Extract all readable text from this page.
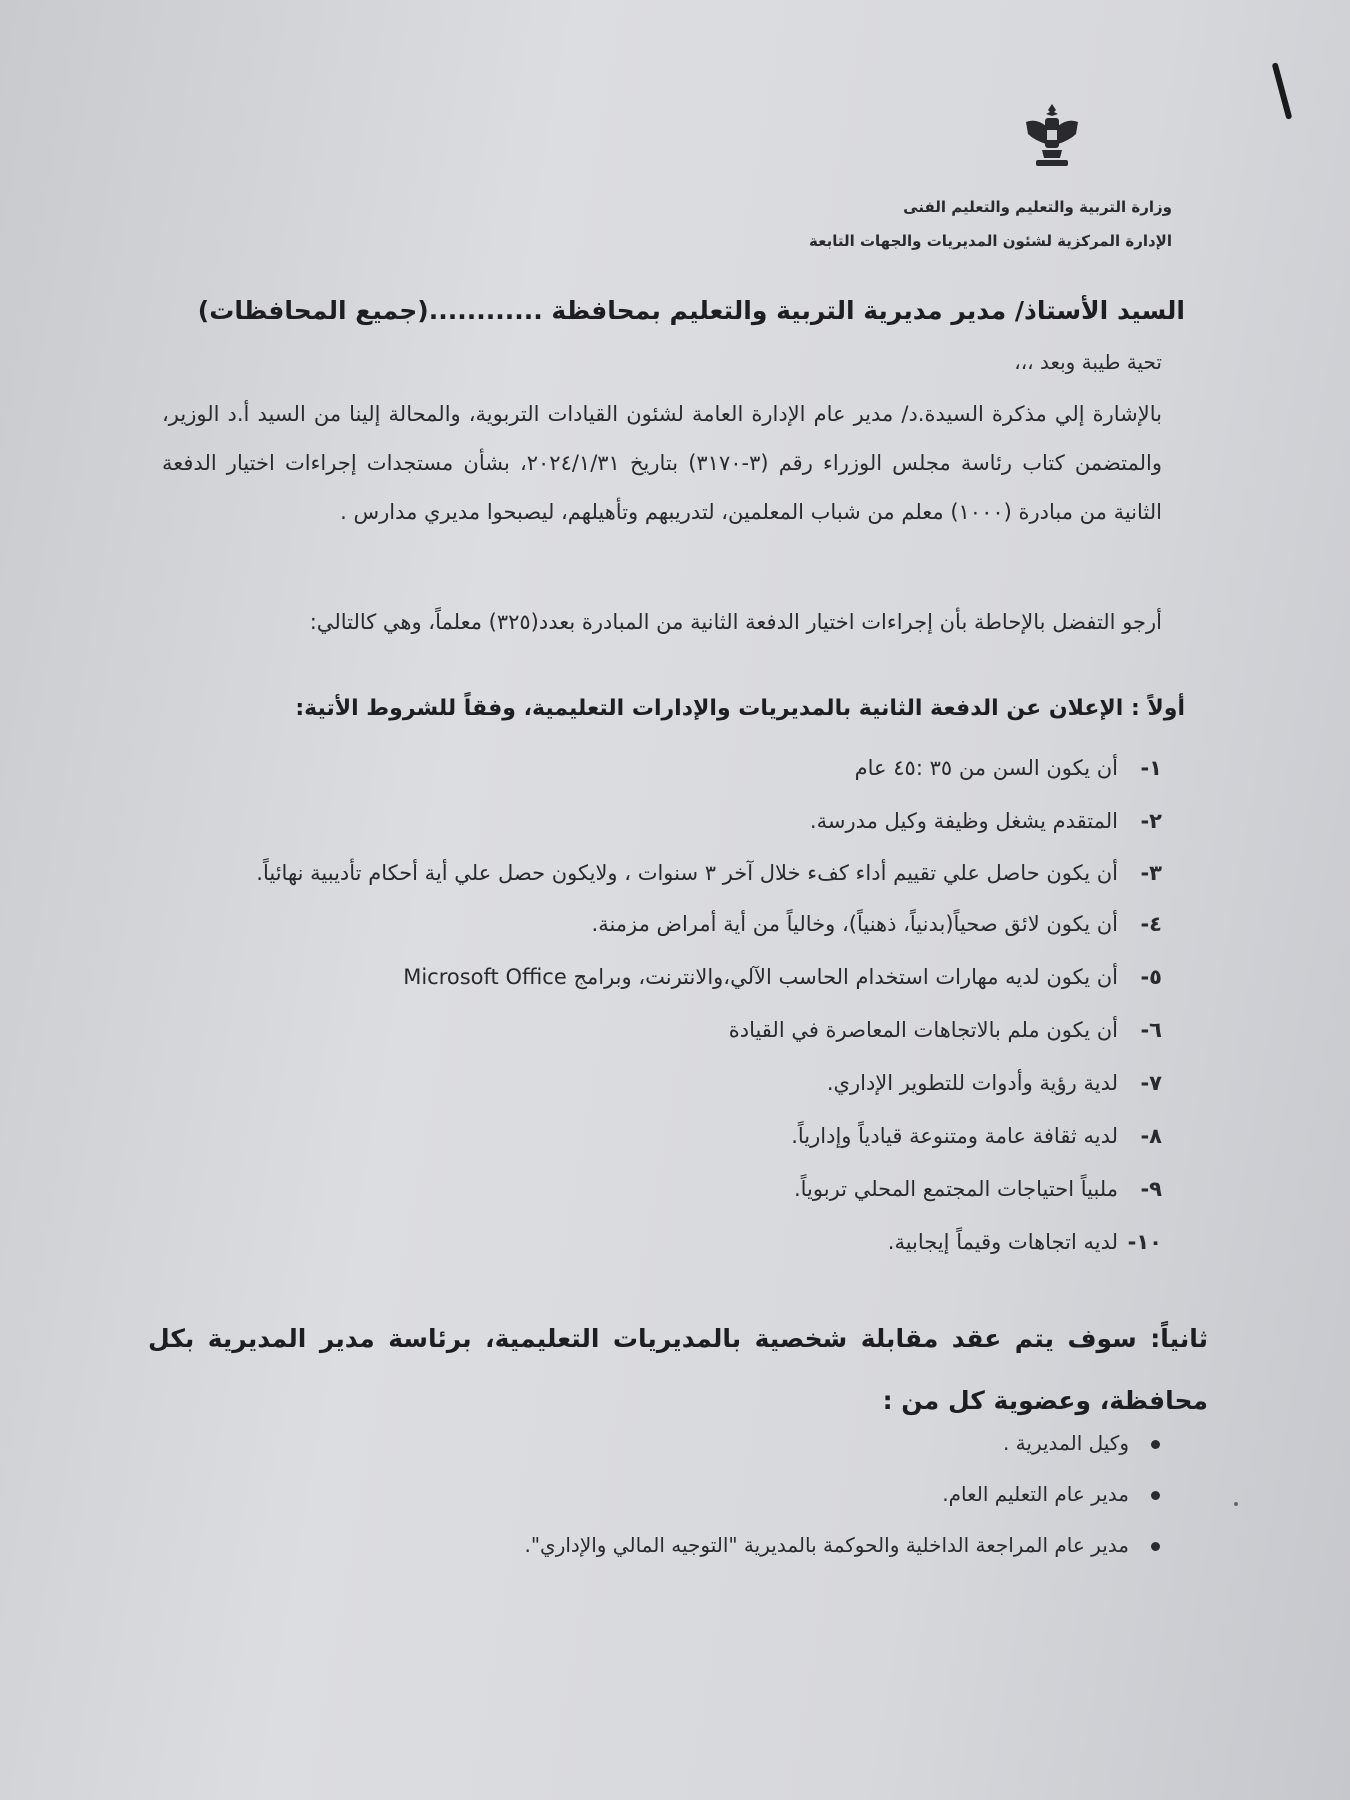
وزارة التربية والتعليم والتعليم الفنى
الإدارة المركزية لشئون المديريات والجهات التابعة
السيد الأستاذ/ مدير مديرية التربية والتعليم بمحافظة ............(جميع المحافظات)
تحية طيبة وبعد ،،،
بالإشارة إلي مذكرة السيدة.د/ مدير عام الإدارة العامة لشئون القيادات التربوية، والمحالة إلينا من السيد أ.د الوزير، والمتضمن كتاب رئاسة مجلس الوزراء رقم (٣-٣١٧٠) بتاريخ ٢٠٢٤/١/٣١، بشأن مستجدات إجراءات اختيار الدفعة الثانية من مبادرة (١٠٠٠) معلم من شباب المعلمين، لتدريبهم وتأهيلهم، ليصبحوا مديري مدارس .
أرجو التفضل بالإحاطة بأن إجراءات اختيار الدفعة الثانية من المبادرة بعدد(٣٢٥) معلماً، وهي كالتالي:
أولاً : الإعلان عن الدفعة الثانية بالمديريات والإدارات التعليمية، وفقاً للشروط الأتية:
١-أن يكون السن من ٣٥ :٤٥ عام
٢-المتقدم يشغل وظيفة وكيل مدرسة.
٣-أن يكون حاصل علي تقييم أداء كفء خلال آخر ٣ سنوات ، ولايكون حصل علي أية أحكام تأديبية نهائياً.
٤-أن يكون لائق صحياً(بدنياً، ذهنياً)، وخالياً من أية أمراض مزمنة.
٥-أن يكون لديه مهارات استخدام الحاسب الآلي،والانترنت، وبرامج Microsoft Office
٦-أن يكون ملم بالاتجاهات المعاصرة في القيادة
٧-لدية رؤية وأدوات للتطوير الإداري.
٨-لديه ثقافة عامة ومتنوعة قيادياً وإدارياً.
٩-ملبياً احتياجات المجتمع المحلي تربوياً.
١٠-لديه اتجاهات وقيماً إيجابية.
ثانياً: سوف يتم عقد مقابلة شخصية بالمديريات التعليمية، برئاسة مدير المديرية بكل محافظة، وعضوية كل من :
وكيل المديرية .
مدير عام التعليم العام.
مدير عام المراجعة الداخلية والحوكمة بالمديرية "التوجيه المالي والإداري".
